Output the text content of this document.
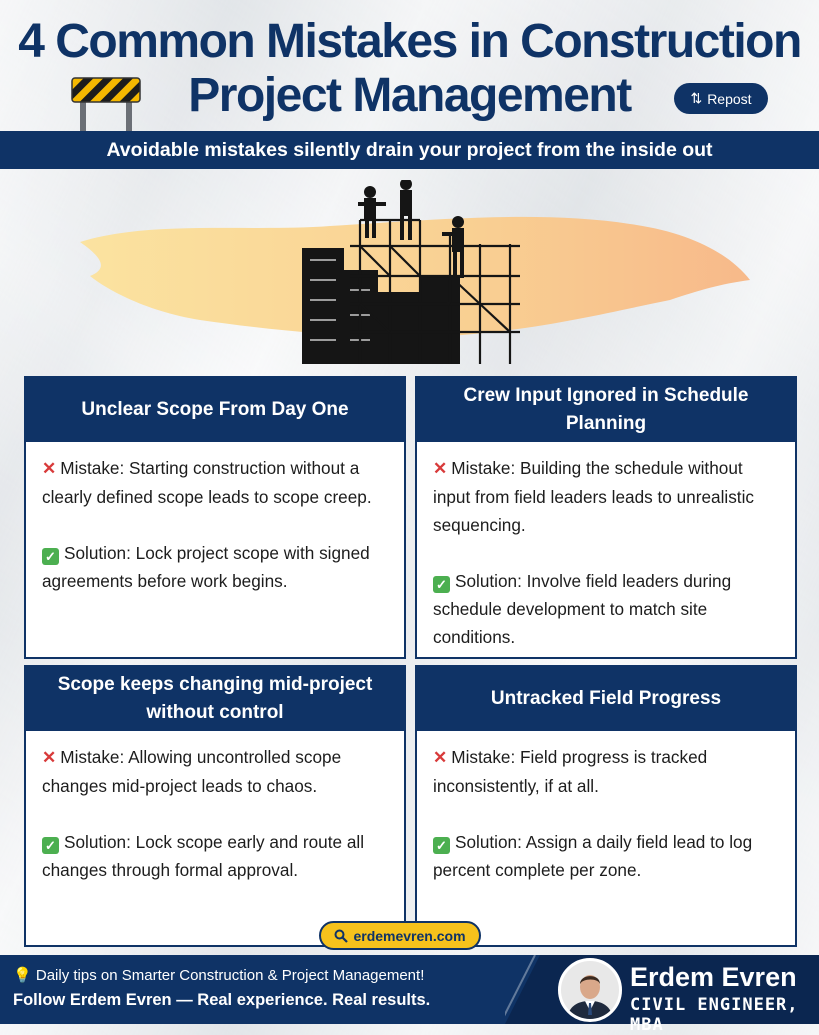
4 Common Mistakes in Construction
Project Management	⇅ Repost
Avoidable mistakes silently drain your project from the inside out
Unclear Scope From Day One

✕ Mistake: Starting construction without a clearly defined scope leads to scope creep.

✓ Solution: Lock project scope with signed agreements before work begins.

Crew Input Ignored in Schedule Planning

✕ Mistake: Building the schedule without input from field leaders leads to unrealistic sequencing.

✓ Solution: Involve field leaders during schedule development to match site conditions.

Scope keeps changing mid-project without control

✕ Mistake: Allowing uncontrolled scope changes mid-project leads to chaos.

✓ Solution: Lock scope early and route all changes through formal approval.

Untracked Field Progress

✕ Mistake: Field progress is tracked inconsistently, if at all.

✓ Solution: Assign a daily field lead to log percent complete per zone.

erdemevren.com
💡 Daily tips on Smarter Construction & Project Management!
Follow Erdem Evren — Real experience. Real results.
Erdem Evren
CIVIL ENGINEER, MBA
